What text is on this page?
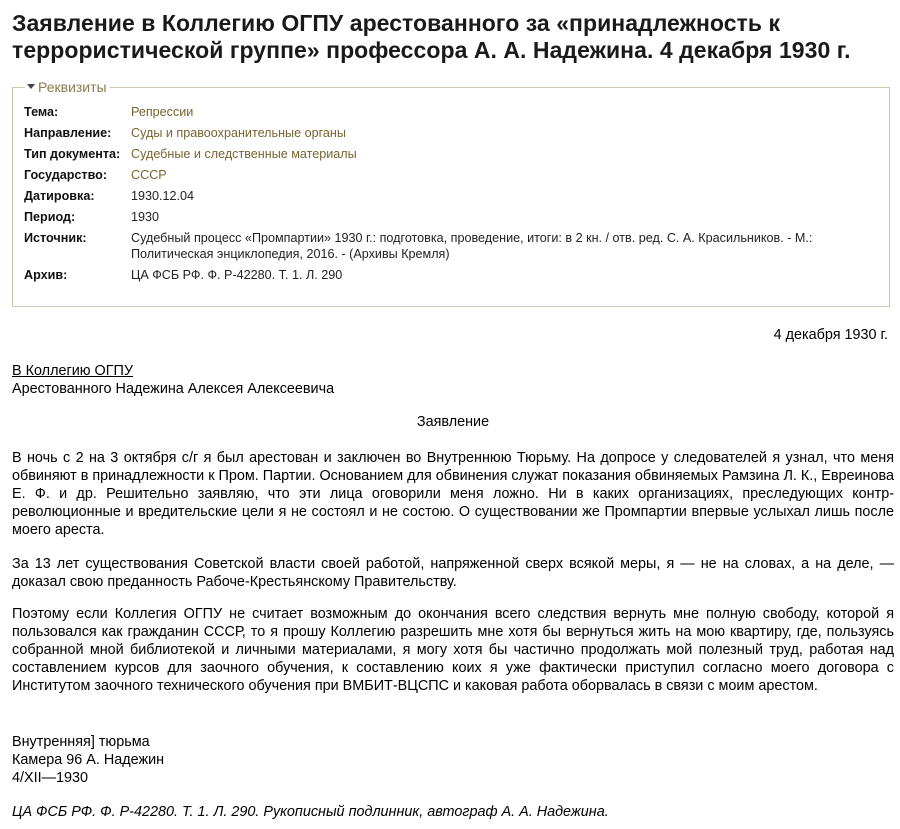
Заявление в Коллегию ОГПУ арестованного за «принадлежность к террористической группе» профессора А. А. Надежина. 4 декабря 1930 г.
Реквизиты
Тема:	Репрессии
Направление:	Суды и правоохранительные органы
Тип документа:	Судебные и следственные материалы
Государство:	СССР
Датировка:	1930.12.04
Период:	1930
Источник:	Судебный процесс «Промпартии» 1930 г.: подготовка, проведение, итоги: в 2 кн. / отв. ред. С. А. Красильников. - М.: Политическая энциклопедия, 2016. - (Архивы Кремля)
Архив:	ЦА ФСБ РФ. Ф. Р-42280. Т. 1. Л. 290
4 декабря 1930 г.
В Коллегию ОГПУ
Арестованного Надежина Алексея Алексеевича
Заявление
В ночь с 2 на 3 октября с/г я был арестован и заключен во Внутреннюю Тюрьму. На допросе у следователей я узнал, что меня обвиняют в принадлежности к Пром. Партии. Основанием для обвинения служат показания обвиняемых Рамзина Л. К., Евреинова Е. Ф. и др. Решительно заявляю, что эти лица оговорили меня ложно. Ни в каких организациях, преследующих контр-революционные и вредительские цели я не состоял и не состою. О существовании же Промпартии впервые услыхал лишь после моего ареста.
За 13 лет существования Советской власти своей работой, напряженной сверх всякой меры, я — не на словах, а на деле, — доказал свою преданность Рабоче-Крестьянскому Правительству.
Поэтому если Коллегия ОГПУ не считает возможным до окончания всего следствия вернуть мне полную свободу, которой я пользовался как гражданин СССР, то я прошу Коллегию разрешить мне хотя бы вернуться жить на мою квартиру, где, пользуясь собранной мной библиотекой и личными материалами, я могу хотя бы частично продолжать мой полезный труд, работая над составлением курсов для заочного обучения, к составлению коих я уже фактически приступил согласно моего договора с Институтом заочного технического обучения при ВМБИТ-ВЦСПС и каковая работа оборвалась в связи с моим арестом.
Внутренняя] тюрьма
Камера 96 А. Надежин
4/XII—1930
ЦА ФСБ РФ. Ф. Р-42280. Т. 1. Л. 290. Рукописный подлинник, автограф А. А. Надежина.
